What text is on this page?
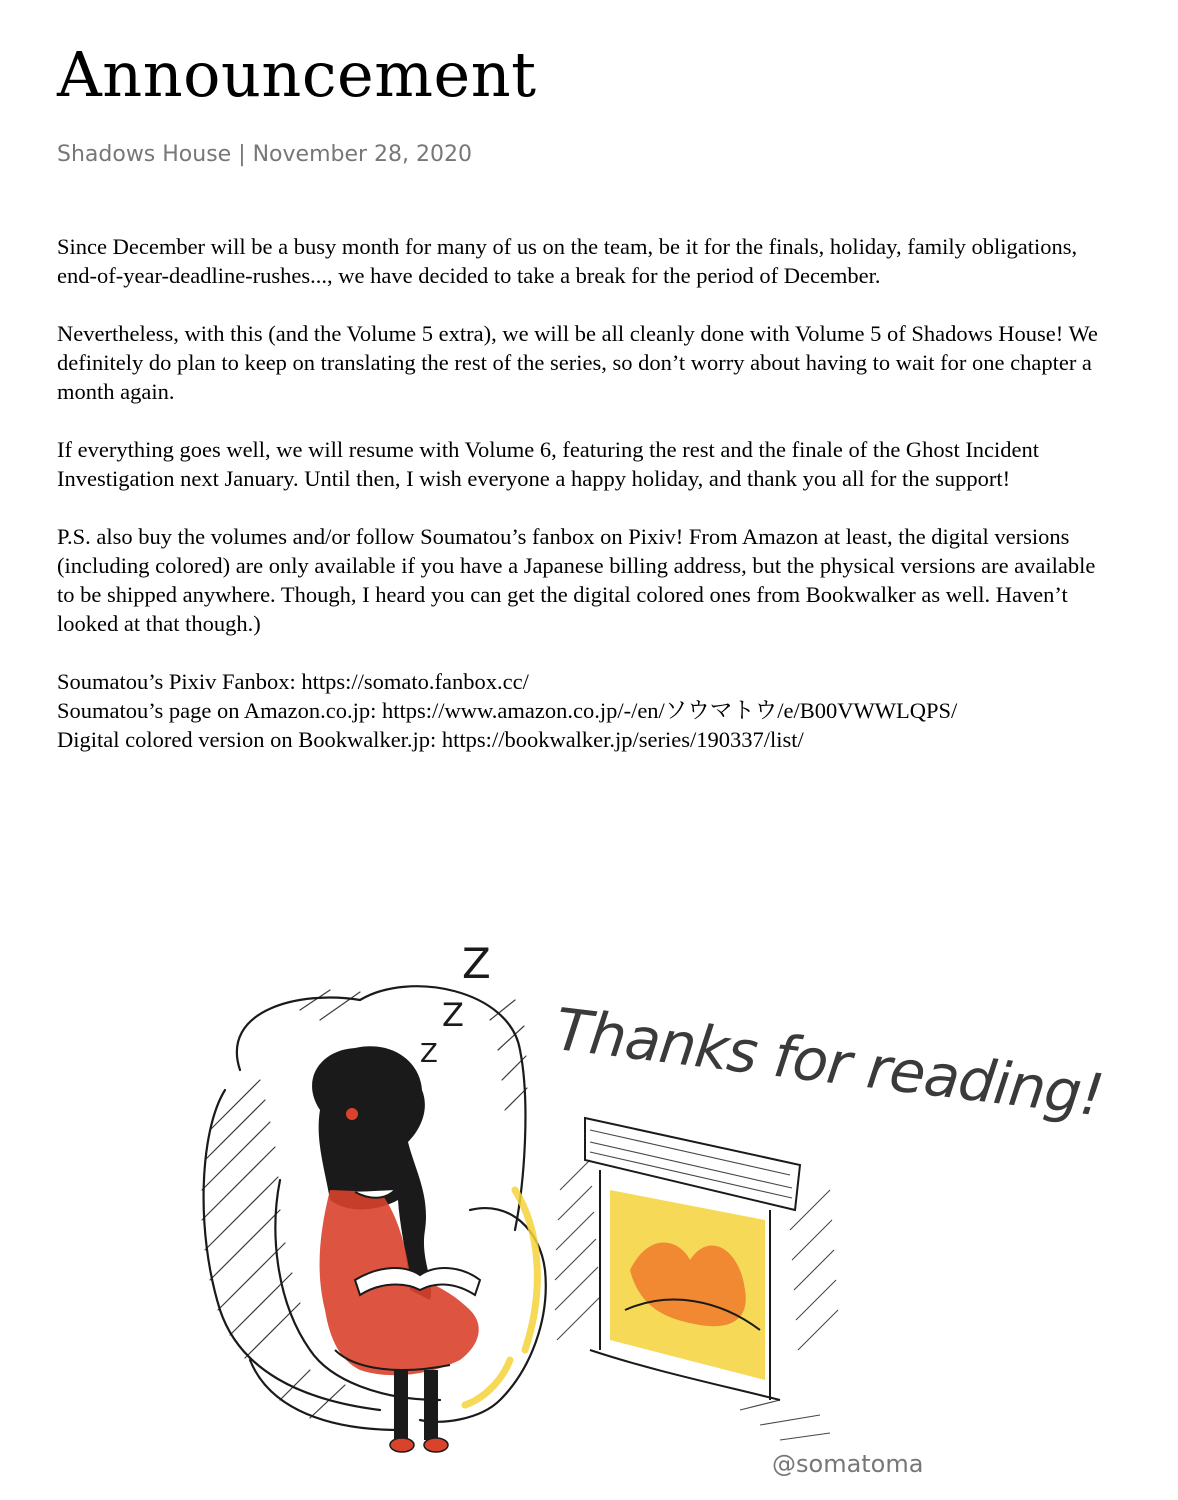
Announcement
Shadows House | November 28, 2020

Since December will be a busy month for many of us on the team, be it for the finals, holiday, family obligations, end-of-year-deadline-rushes..., we have decided to take a break for the period of December.

Nevertheless, with this (and the Volume 5 extra), we will be all cleanly done with Volume 5 of Shadows House! We definitely do plan to keep on translating the rest of the series, so don’t worry about having to wait for one chapter a month again.

If everything goes well, we will resume with Volume 6, featuring the rest and the finale of the Ghost Incident Investigation next January. Until then, I wish everyone a happy holiday, and thank you all for the support!

P.S. also buy the volumes and/or follow Soumatou’s fanbox on Pixiv! From Amazon at least, the digital versions (including colored) are only available if you have a Japanese billing address, but the physical versions are available to be shipped anywhere. Though, I heard you can get the digital colored ones from Bookwalker as well. Haven’t looked at that though.)

Soumatou’s Pixiv Fanbox: https://somato.fanbox.cc/
Soumatou’s page on Amazon.co.jp: https://www.amazon.co.jp/-/en/ソウマトウ/e/B00VWWLQPS/
Digital colored version on Bookwalker.jp: https://bookwalker.jp/series/190337/list/
Z
Z
Z Thanks for reading!
@somatoma
